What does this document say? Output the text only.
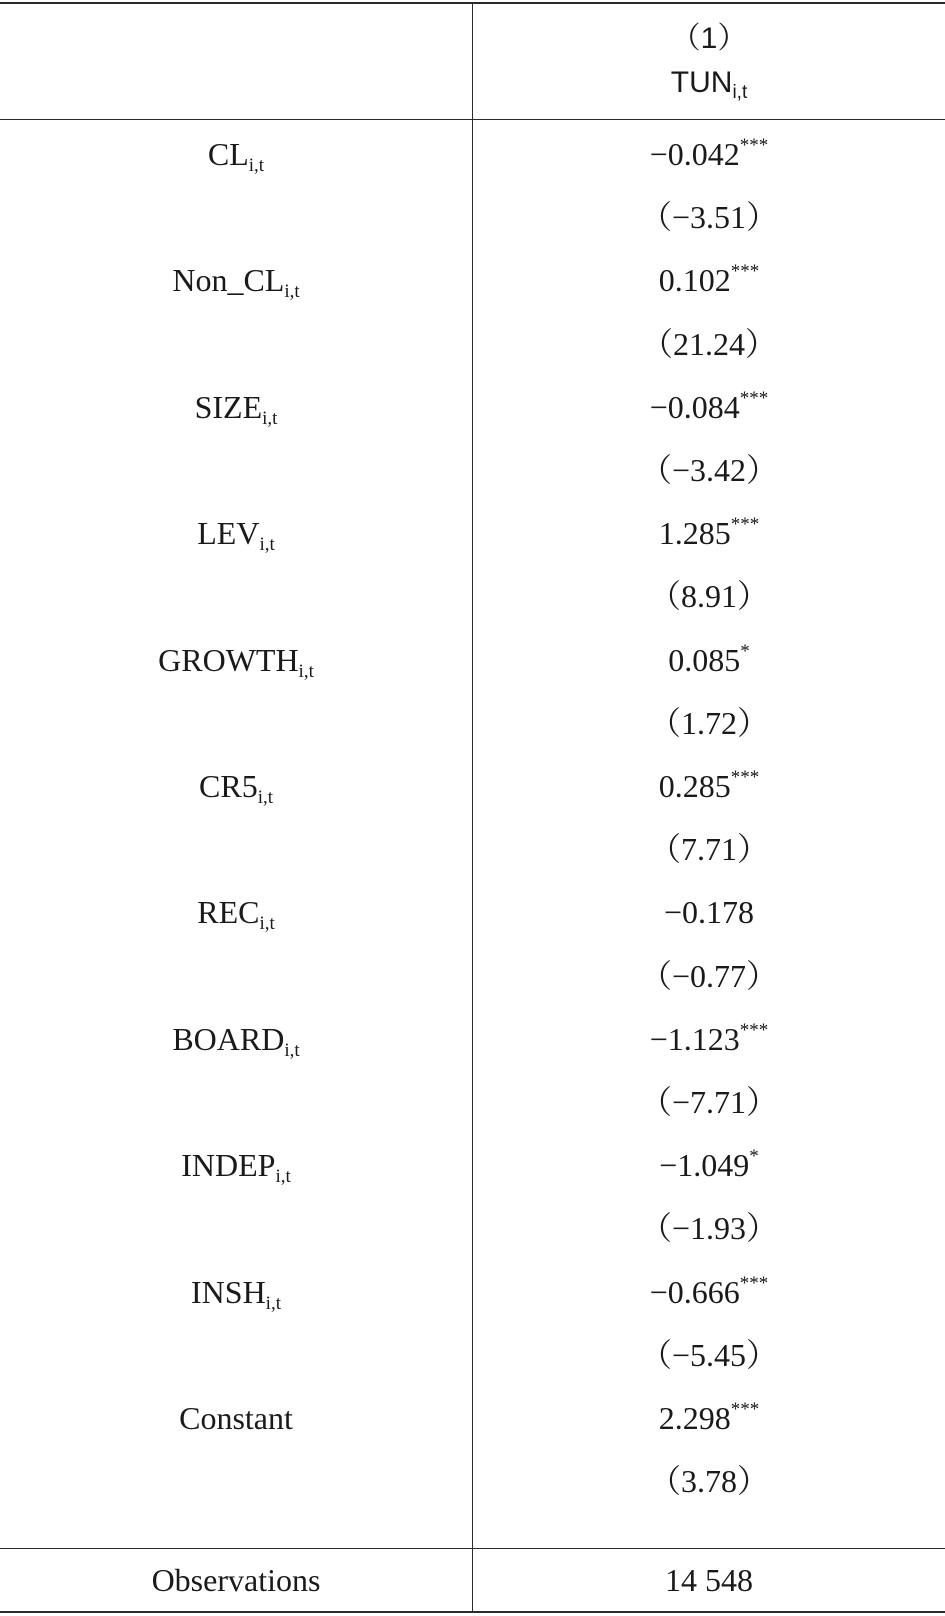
（1）
$TUN_{i,t}$
$CL_{i,t}$	−0.042***
（−3.51）
$Non\_CL_{i,t}$	0.102***
（21.24）
$SIZE_{i,t}$	−0.084***
（−3.42）
$LEV_{i,t}$	1.285***
（8.91）
$GROWTH_{i,t}$	0.085*
（1.72）
$CR5_{i,t}$	0.285***
（7.71）
$REC_{i,t}$	−0.178
（−0.77）
$BOARD_{i,t}$	−1.123***
（−7.71）
$INDEP_{i,t}$	−1.049*
（−1.93）
$INSH_{i,t}$	−0.666***
（−5.45）
Constant	2.298***
（3.78）
Observations	14 548
